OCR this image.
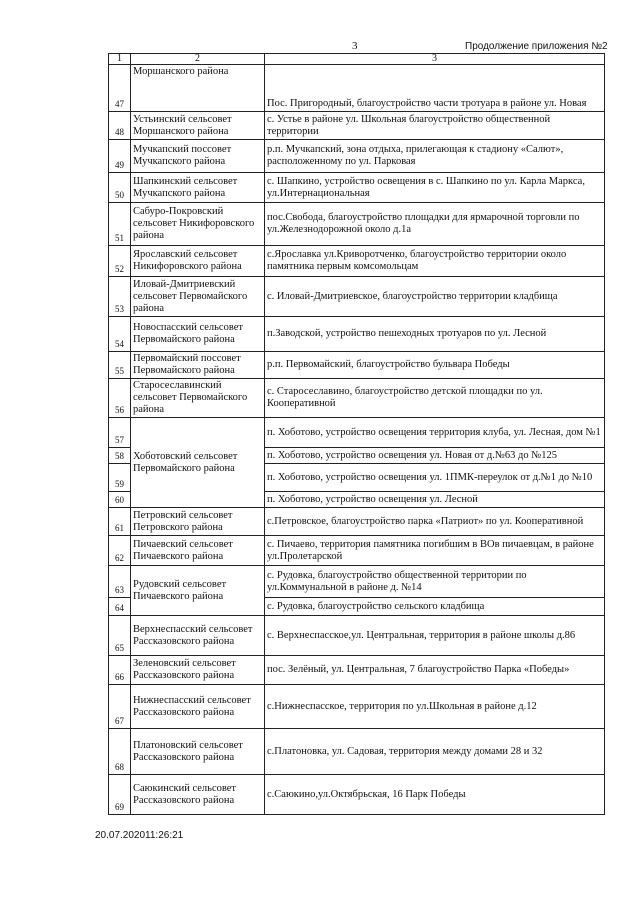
3	Продолжение приложения №2
1	2	3
47	Моршанского района	Пос. Пригородный, благоустройство части тротуара в районе ул. Новая
48	Устьинский сельсовет Моршанского района	с. Устье в районе ул. Школьная благоустройство общественной территории
49	Мучкапский поссовет Мучкапского района	р.п. Мучкапский, зона отдыха, прилегающая к стадиону «Салют», расположенному по ул. Парковая
50	Шапкинский сельсовет Мучкапского района	с. Шапкино, устройство освещения в с. Шапкино по ул. Карла Маркса, ул.Интернациональная
51	Сабуро-Покровский сельсовет Никифоровского района	пос.Свобода, благоустройство площадки для ярмарочной торговли по ул.Железнодорожной около д.1а
52	Ярославский сельсовет Никифоровского района	с.Ярославка ул.Криворотченко, благоустройство территории около памятника первым комсомольцам
53	Иловай-Дмитриевский сельсовет Первомайского района	с. Иловай-Дмитриевское, благоустройство территории кладбища
54	Новоспасский сельсовет Первомайского района	п.Заводской, устройство пешеходных тротуаров по ул. Лесной
55	Первомайский поссовет Первомайского района	р.п. Первомайский, благоустройство бульвара Победы
56	Старосеславинский сельсовет Первомайского района	с. Старосеславино, благоустройство детской площадки по ул. Кооперативной
57	Хоботовский сельсовет Первомайского района	п. Хоботово, устройство освещения территория клуба, ул. Лесная, дом №1
58		п. Хоботово, устройство освещения ул. Новая от д.№63 до №125
59		п. Хоботово, устройство освещения ул. 1ПМК-переулок от д.№1 до №10
60		п. Хоботово, устройство освещения ул. Лесной
61	Петровский сельсовет Петровского района	с.Петровское, благоустройство парка «Патриот» по ул. Кооперативной
62	Пичаевский сельсовет Пичаевского района	с. Пичаево, территория памятника погибшим в ВОв пичаевцам, в районе ул.Пролетарской
63	Рудовский сельсовет Пичаевского района	с. Рудовка, благоустройство общественной территории по ул.Коммунальной в районе д. №14
64		с. Рудовка, благоустройство сельского кладбища
65	Верхнеспасский сельсовет Рассказовского района	с. Верхнеспасское,ул. Центральная, территория в районе школы д.86
66	Зеленовский сельсовет Рассказовского района	пос. Зелёный, ул. Центральная, 7 благоустройство Парка «Победы»
67	Нижнеспасский сельсовет Рассказовского района	с.Нижнеспасское, территория по ул.Школьная в районе д.12
68	Платоновский сельсовет Рассказовского района	с.Платоновка, ул. Садовая, территория между домами 28 и 32
69	Саюкинский сельсовет Рассказовского района	с.Саюкино,ул.Октябрьская, 16 Парк Победы
20.07.202011:26:21
